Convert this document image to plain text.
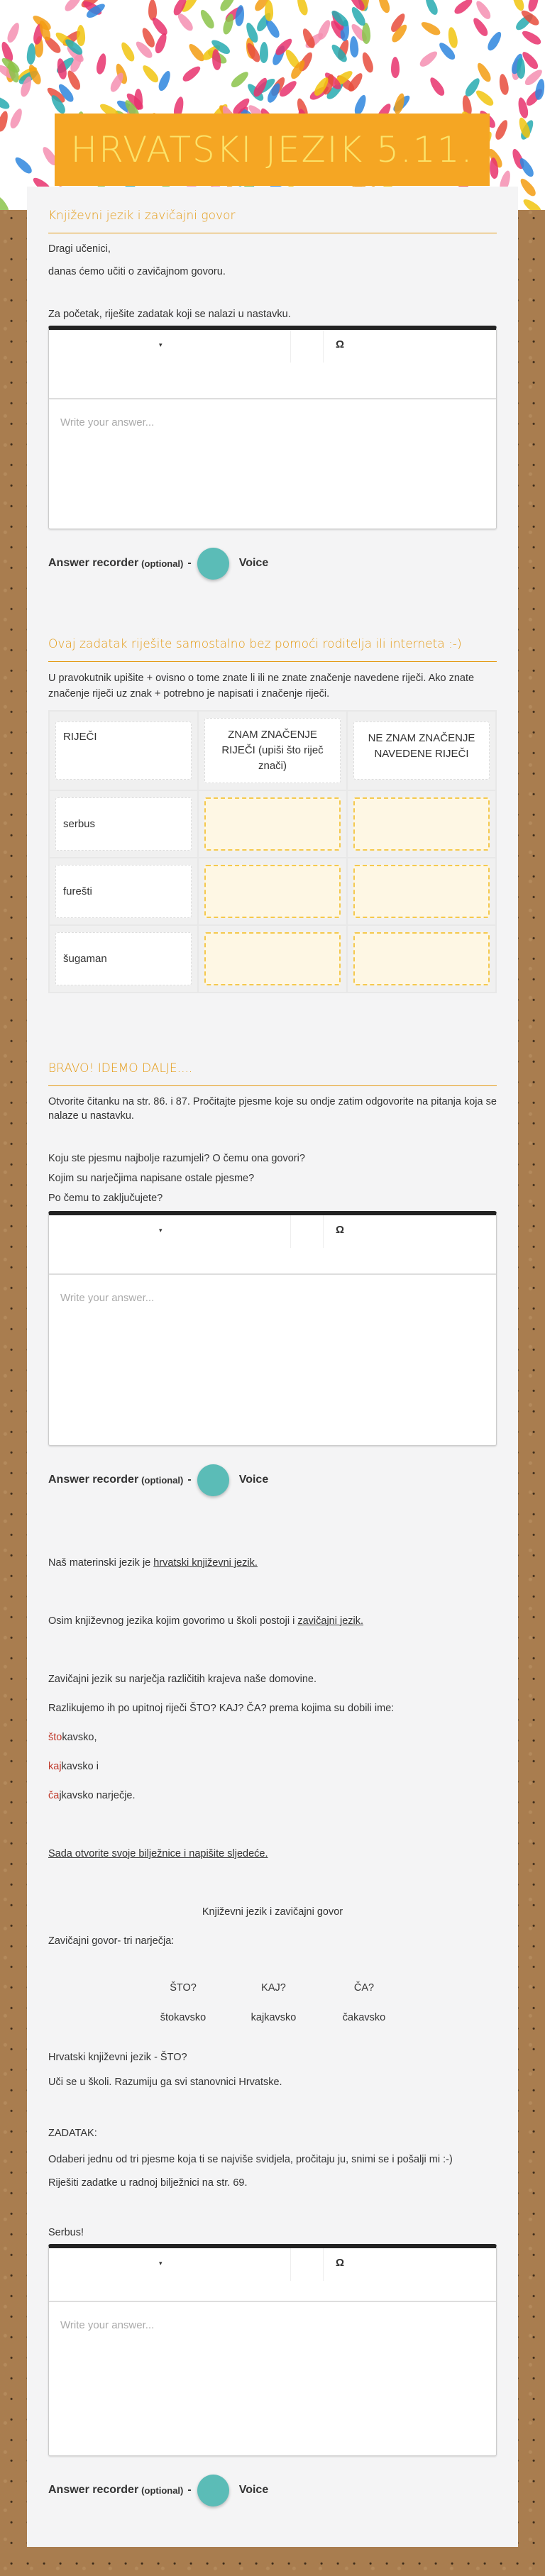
HRVATSKI JEZIK 5.11.
Književni jezik i zavičajni govor

Dragi učenici,

danas ćemo učiti o zavičajnom govoru.

Za početak, riješite zadatak koji se nalazi u nastavku.

▾	Ω
Write your answer...
Answer recorder (optional) -	Voice
Ovaj zadatak riješite samostalno bez pomoći roditelja ili interneta :-)

U pravokutnik upišite + ovisno o tome znate li ili ne znate značenje navedene riječi. Ako znate značenje riječi uz znak + potrebno je napisati i značenje riječi.

RIJEČI	ZNAM ZNAČENJE RIJEČI (upiši što riječ znači)	NE ZNAM ZNAČENJE NAVEDENE RIJEČI

serbus		

furešti		

šugaman		

BRAVO! IDEMO DALJE....

Otvorite čitanku na str. 86. i 87. Pročitajte pjesme koje su ondje zatim odgovorite na pitanja koja se nalaze u nastavku.

Koju ste pjesmu najbolje razumjeli? O čemu ona govori?

Kojim su narječjima napisane ostale pjesme?

Po čemu to zaključujete?

▾	Ω
Write your answer...
Answer recorder (optional) -	Voice

Naš materinski jezik je hrvatski književni jezik.

Osim književnog jezika kojim govorimo u školi postoji i zavičajni jezik.

Zavičajni jezik su narječja različitih krajeva naše domovine.

Razlikujemo ih po upitnoj riječi ŠTO? KAJ? ČA? prema kojima su dobili ime:

štokavsko,

kajkavsko i

čajkavsko narječje.

Sada otvorite svoje bilježnice i napišite sljedeće.

Književni jezik i zavičajni govor

Zavičajni govor- tri narječja:

ŠTO?	KAJ?	ČA?
štokavsko	kajkavsko	čakavsko

Hrvatski književni jezik - ŠTO?

Uči se u školi. Razumiju ga svi stanovnici Hrvatske.

ZADATAK:

Odaberi jednu od tri pjesme koja ti se najviše svidjela, pročitaju ju, snimi se i pošalji mi :-)

Riješiti zadatke u radnoj bilježnici na str. 69.

Serbus!

▾	Ω
Write your answer...
Answer recorder (optional) -	Voice
